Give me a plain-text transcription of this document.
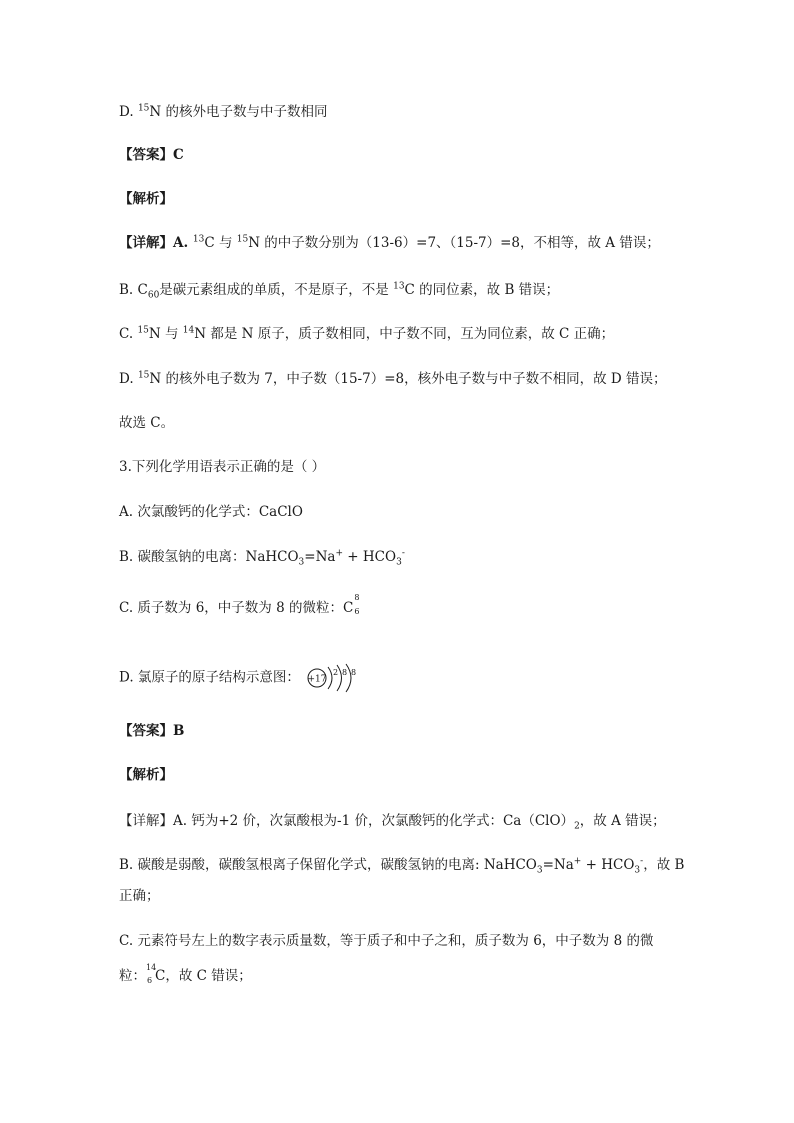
D. $^{15}$N 的核外电子数与中子数相同
【答案】C
【解析】
【详解】A. $^{13}$C 与 $^{15}$N 的中子数分别为（13-6）=7、（15-7）=8，不相等，故 A 错误；
B. $C_{60}$是碳元素组成的单质，不是原子，不是 $^{13}$C 的同位素，故 B 错误；
C. $^{15}$N 与 $^{14}$N 都是 N 原子，质子数相同，中子数不同，互为同位素，故 C 正确；
D. $^{15}$N 的核外电子数为 7，中子数（15-7）=8，核外电子数与中子数不相同，故 D 错误；
故选 C。
3.下列化学用语表示正确的是（ ）
A. 次氯酸钙的化学式：CaClO
B. 碳酸氢钠的电离：NaHCO$_3$=Na+ + $HCO_3^-$
C. 质子数为 6，中子数为 8 的微粒：C
8
6
D. 氯原子的原子结构示意图： +17
2 8 8
【答案】B
【解析】
【详解】A. 钙为+2 价，次氯酸根为-1 价，次氯酸钙的化学式：$Ca(ClO)_2$，故 A 错误；
B. 碳酸是弱酸，碳酸氢根离子保留化学式，碳酸氢钠的电离: NaHCO$_3$=Na+ + $HCO_3^-$，故 B
正确；
C. 元素符号左上的数字表示质量数，等于质子和中子之和，质子数为 6，中子数为 8 的微
粒：
14
6 C，故 C 错误；
